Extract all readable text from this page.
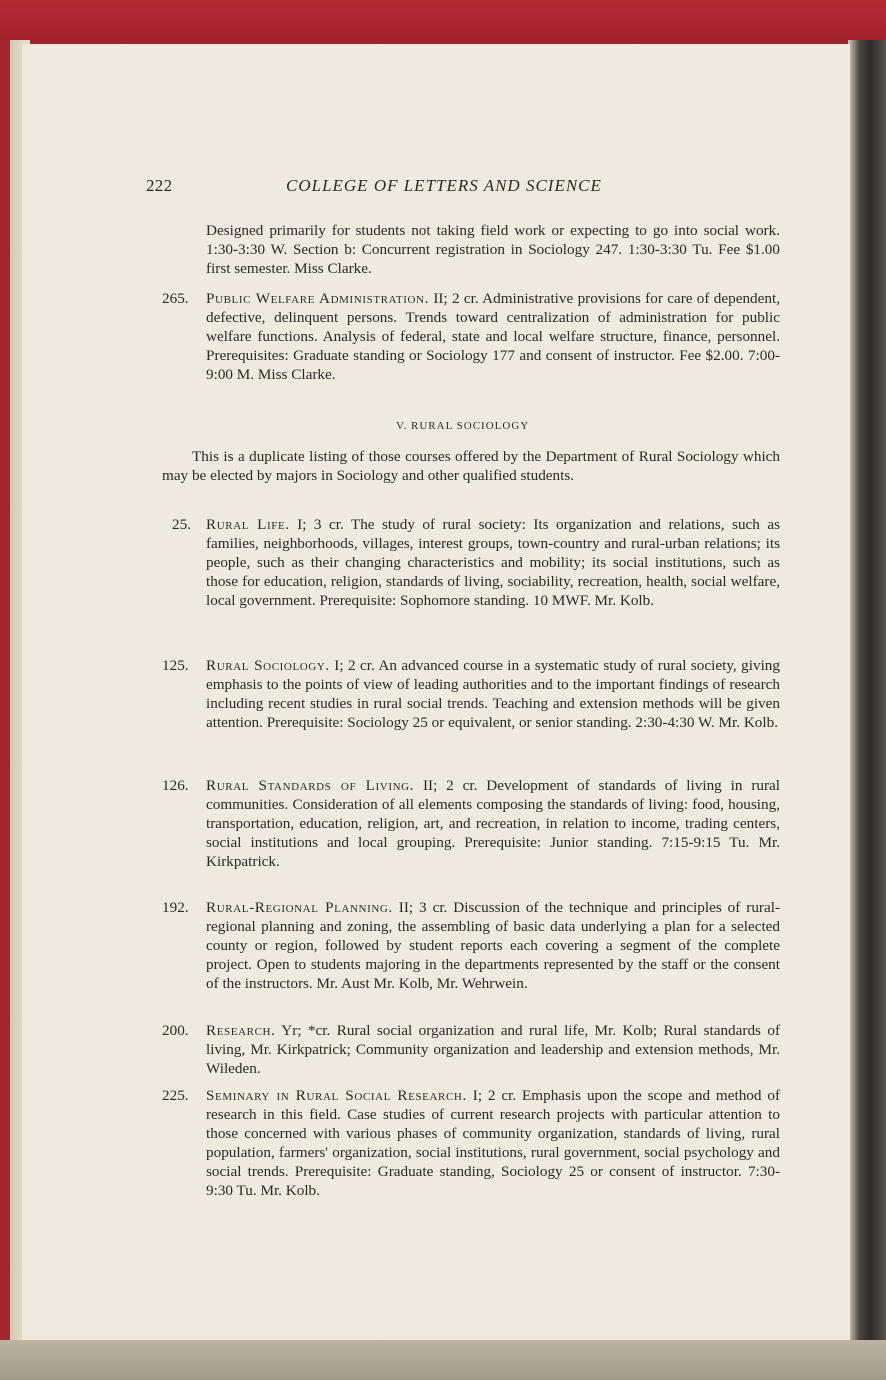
222	COLLEGE OF LETTERS AND SCIENCE
Designed primarily for students not taking field work or expecting to go into social work. 1:30-3:30 W. Section b: Concurrent registration in Sociology 247. 1:30-3:30 Tu. Fee $1.00 first semester. Miss Clarke.
265. Public Welfare Administration. II; 2 cr. Administrative provisions for care of dependent, defective, delinquent persons. Trends toward centralization of administration for public welfare functions. Analysis of federal, state and local welfare structure, finance, personnel. Prerequisites: Graduate standing or Sociology 177 and consent of instructor. Fee $2.00. 7:00-9:00 M. Miss Clarke.
V. RURAL SOCIOLOGY
This is a duplicate listing of those courses offered by the Department of Rural Sociology which may be elected by majors in Sociology and other qualified students.
25. Rural Life. I; 3 cr. The study of rural society: Its organization and relations, such as families, neighborhoods, villages, interest groups, town-country and rural-urban relations; its people, such as their changing characteristics and mobility; its social institutions, such as those for education, religion, standards of living, sociability, recreation, health, social welfare, local government. Prerequisite: Sophomore standing. 10 MWF. Mr. Kolb.
125. Rural Sociology. I; 2 cr. An advanced course in a systematic study of rural society, giving emphasis to the points of view of leading authorities and to the important findings of research including recent studies in rural social trends. Teaching and extension methods will be given attention. Prerequisite: Sociology 25 or equivalent, or senior standing. 2:30-4:30 W. Mr. Kolb.
126. Rural Standards of Living. II; 2 cr. Development of standards of living in rural communities. Consideration of all elements composing the standards of living: food, housing, transportation, education, religion, art, and recreation, in relation to income, trading centers, social institutions and local grouping. Prerequisite: Junior standing. 7:15-9:15 Tu. Mr. Kirkpatrick.
192. Rural-Regional Planning. II; 3 cr. Discussion of the technique and principles of rural-regional planning and zoning, the assembling of basic data underlying a plan for a selected county or region, followed by student reports each covering a segment of the complete project. Open to students majoring in the departments represented by the staff or the consent of the instructors. Mr. Aust Mr. Kolb, Mr. Wehrwein.
200. Research. Yr; *cr. Rural social organization and rural life, Mr. Kolb; Rural standards of living, Mr. Kirkpatrick; Community organization and leadership and extension methods, Mr. Wileden.
225. Seminary in Rural Social Research. I; 2 cr. Emphasis upon the scope and method of research in this field. Case studies of current research projects with particular attention to those concerned with various phases of community organization, standards of living, rural population, farmers' organization, social institutions, rural government, social psychology and social trends. Prerequisite: Graduate standing, Sociology 25 or consent of instructor. 7:30-9:30 Tu. Mr. Kolb.
